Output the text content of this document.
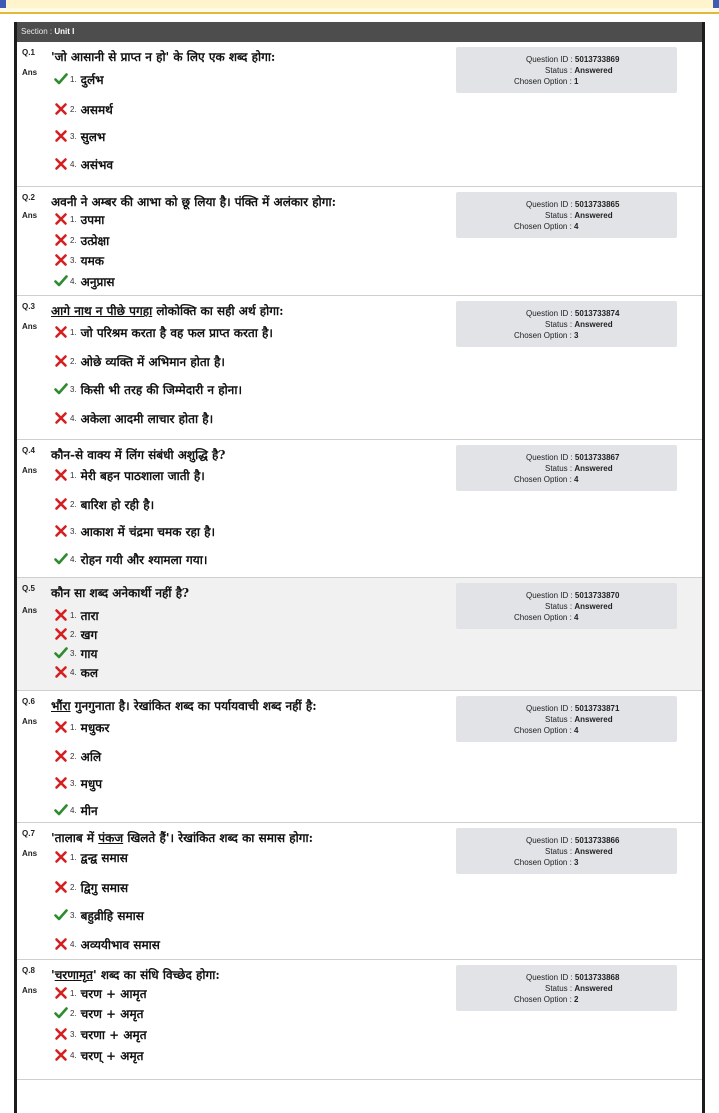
Section : Unit I
Q.1 'जो आसानी से प्राप्त न हो' के लिए एक शब्द होगा:
Ans
1. दुर्लभ
2. असमर्थ
3. सुलभ
4. असंभव
Question ID : 5013733869
Status : Answered
Chosen Option : 1
Q.2 अवनी ने अम्बर की आभा को छू लिया है। पंक्ति में अलंकार होगा:
Ans	1. उपमा
2. उत्प्रेक्षा
3. यमक
4. अनुप्रास
Question ID : 5013733865
Status : Answered
Chosen Option : 4
Q.3 आगे नाथ न पीछे पगहा लोकोक्ति का सही अर्थ होगा:
Ans
1. जो परिश्रम करता है वह फल प्राप्त करता है।
2. ओछे व्यक्ति में अभिमान होता है।
3. किसी भी तरह की जिम्मेदारी न होना।
4. अकेला आदमी लाचार होता है।
Question ID : 5013733874
Status : Answered
Chosen Option : 3
Q.4 कौन-से वाक्य में लिंग संबंधी अशुद्धि है?
Ans	1. मेरी बहन पाठशाला जाती है।
2. बारिश हो रही है।
3. आकाश में चंद्रमा चमक रहा है।
4. रोहन गयी और श्यामला गया।
Question ID : 5013733867
Status : Answered
Chosen Option : 4
Q.5 कौन सा शब्द अनेकार्थी नहीं है?
Ans	1. तारा
2. खग
3. गाय
4. कल
Question ID : 5013733870
Status : Answered
Chosen Option : 4
Q.6 भौंरा गुनगुनाता है। रेखांकित शब्द का पर्यायवाची शब्द नहीं है:
Ans
1. मधुकर
2. अलि
3. मधुप
4. मीन
Question ID : 5013733871
Status : Answered
Chosen Option : 4
Q.7 'तालाब में पंकज खिलते हैं'। रेखांकित शब्द का समास होगा:
Ans	1. द्वन्द्व समास
2. द्विगु समास
3. बहुव्रीहि समास
4. अव्ययीभाव समास
Question ID : 5013733866
Status : Answered
Chosen Option : 3
Q.8 'चरणामृत' शब्द का संधि विच्छेद होगा:
Ans	1. चरण + आमृत
2. चरण + अमृत
3. चरणा + अमृत
4. चरण् + अमृत
Question ID : 5013733868
Status : Answered
Chosen Option : 2
